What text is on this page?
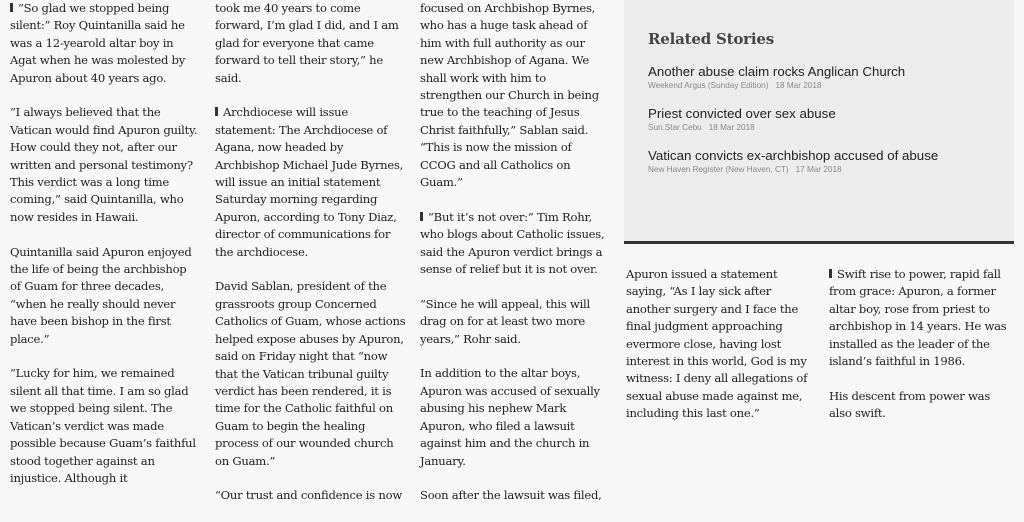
“So glad we stopped being silent:” Roy Quintanilla said he was a 12-yearold altar boy in Agat when he was molested by Apuron about 40 years ago.

“I always believed that the Vatican would find Apuron guilty. How could they not, after our written and personal testimony? This verdict was a long time coming,” said Quintanilla, who now resides in Hawaii.

Quintanilla said Apuron enjoyed the life of being the archbishop of Guam for three decades, “when he really should never have been bishop in the first place.”

“Lucky for him, we remained silent all that time. I am so glad we stopped being silent. The Vatican’s verdict was made possible because Guam’s faithful stood together against an injustice. Although it

took me 40 years to come forward, I’m glad I did, and I am glad for everyone that came forward to tell their story,” he said.

Archdiocese will issue statement: The Archdiocese of Agana, now headed by Archbishop Michael Jude Byrnes, will issue an initial statement Saturday morning regarding Apuron, according to Tony Diaz, director of communications for the archdiocese.

David Sablan, president of the grassroots group Concerned Catholics of Guam, whose actions helped expose abuses by Apuron, said on Friday night that “now that the Vatican tribunal guilty verdict has been rendered, it is time for the Catholic faithful on Guam to begin the healing process of our wounded church on Guam.”

“Our trust and confidence is now

focused on Archbishop Byrnes, who has a huge task ahead of him with full authority as our new Archbishop of Agana. We shall work with him to strengthen our Church in being true to the teaching of Jesus Christ faithfully,” Sablan said. “This is now the mission of CCOG and all Catholics on Guam.”

“But it’s not over:” Tim Rohr, who blogs about Catholic issues, said the Apuron verdict brings a sense of relief but it is not over.

“Since he will appeal, this will drag on for at least two more years,” Rohr said.

In addition to the altar boys, Apuron was accused of sexually abusing his nephew Mark Apuron, who filed a lawsuit against him and the church in January.

Soon after the lawsuit was filed,

Related Stories
Another abuse claim rocks Anglican Church
Weekend Argus (Sunday Edition) 18 Mar 2018
Priest convicted over sex abuse
Sun.Star Cebu 18 Mar 2018
Vatican convicts ex-archbishop accused of abuse
New Haven Register (New Haven, CT) 17 Mar 2018

Apuron issued a statement saying, “As I lay sick after another surgery and I face the final judgment approaching evermore close, having lost interest in this world, God is my witness: I deny all allegations of sexual abuse made against me, including this last one.”

Swift rise to power, rapid fall from grace: Apuron, a former altar boy, rose from priest to archbishop in 14 years. He was installed as the leader of the island’s faithful in 1986.

His descent from power was also swift.
